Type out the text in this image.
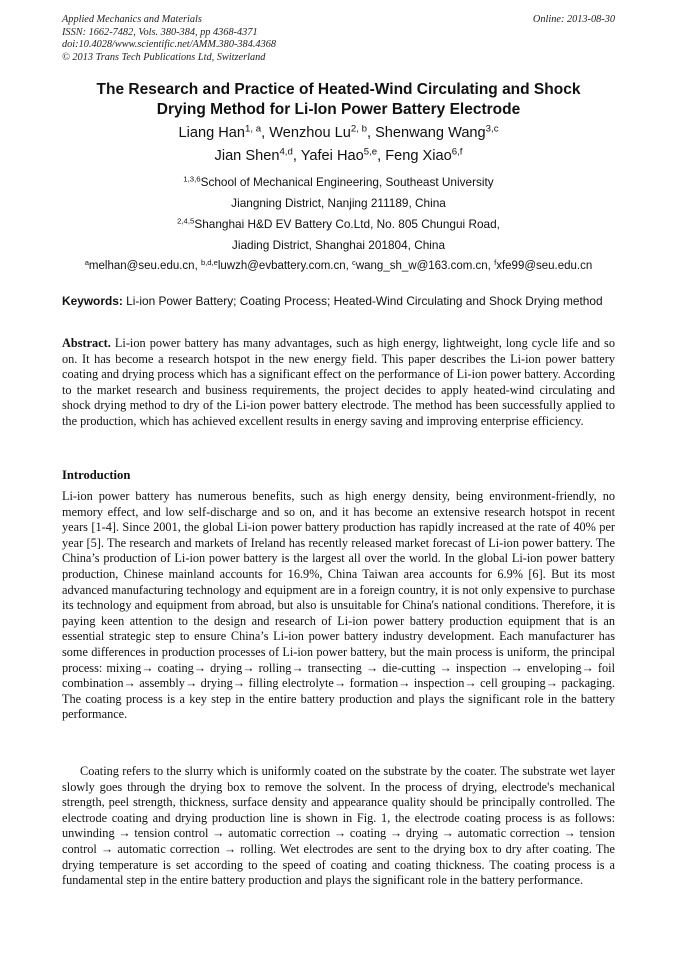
Applied Mechanics and Materials
ISSN: 1662-7482, Vols. 380-384, pp 4368-4371
doi:10.4028/www.scientific.net/AMM.380-384.4368
© 2013 Trans Tech Publications Ltd, Switzerland
Online: 2013-08-30
The Research and Practice of Heated-Wind Circulating and Shock
Drying Method for Li-Ion Power Battery Electrode
Liang Han$^{1, a}$, Wenzhou Lu$^{2, b}$, Shenwang Wang$^{3,c}$
Jian Shen$^{4,d}$, Yafei Hao$^{5,e}$, Feng Xiao$^{6,f}$
$^{1,3,6}$School of Mechanical Engineering, Southeast University
Jiangning District, Nanjing 211189, China
$^{2,4,5}$Shanghai H&D EV Battery Co.Ltd, No. 805 Chungui Road,
Jiading District, Shanghai 201804, China
$^a$melhan@seu.edu.cn, $^{b,d,e}$luwzh@evbattery.com.cn, $^c$wang_sh_w@163.com.cn, $^f$xfe99@seu.edu.cn
Keywords: Li-ion Power Battery; Coating Process; Heated-Wind Circulating and Shock Drying method
Abstract. Li-ion power battery has many advantages, such as high energy, lightweight, long cycle life and so on. It has become a research hotspot in the new energy field. This paper describes the Li-ion power battery coating and drying process which has a significant effect on the performance of Li-ion power battery. According to the market research and business requirements, the project decides to apply heated-wind circulating and shock drying method to dry of the Li-ion power battery electrode. The method has been successfully applied to the production, which has achieved excellent results in energy saving and improving enterprise efficiency.
Introduction
Li-ion power battery has numerous benefits, such as high energy density, being environment-friendly, no memory effect, and low self-discharge and so on, and it has become an extensive research hotspot in recent years [1-4]. Since 2001, the global Li-ion power battery production has rapidly increased at the rate of 40% per year [5]. The research and markets of Ireland has recently released market forecast of Li-ion power battery. The China’s production of Li-ion power battery is the largest all over the world. In the global Li-ion power battery production, Chinese mainland accounts for 16.9%, China Taiwan area accounts for 6.9% [6]. But its most advanced manufacturing technology and equipment are in a foreign country, it is not only expensive to purchase its technology and equipment from abroad, but also is unsuitable for China's national conditions. Therefore, it is paying keen attention to the design and research of Li-ion power battery production equipment that is an essential strategic step to ensure China’s Li-ion power battery industry development. Each manufacturer has some differences in production processes of Li-ion power battery, but the main process is uniform, the principal process: mixing→ coating→ drying→ rolling→ transecting → die-cutting → inspection → enveloping→ foil combination→ assembly→ drying→ filling electrolyte→ formation→ inspection→ cell grouping→ packaging. The coating process is a key step in the entire battery production and plays the significant role in the battery performance.
Coating refers to the slurry which is uniformly coated on the substrate by the coater. The substrate wet layer slowly goes through the drying box to remove the solvent. In the process of drying, electrode's mechanical strength, peel strength, thickness, surface density and appearance quality should be principally controlled. The electrode coating and drying production line is shown in Fig. 1, the electrode coating process is as follows: unwinding → tension control → automatic correction → coating → drying → automatic correction → tension control → automatic correction → rolling. Wet electrodes are sent to the drying box to dry after coating. The drying temperature is set according to the speed of coating and coating thickness. The coating process is a fundamental step in the entire battery production and plays the significant role in the battery performance.
